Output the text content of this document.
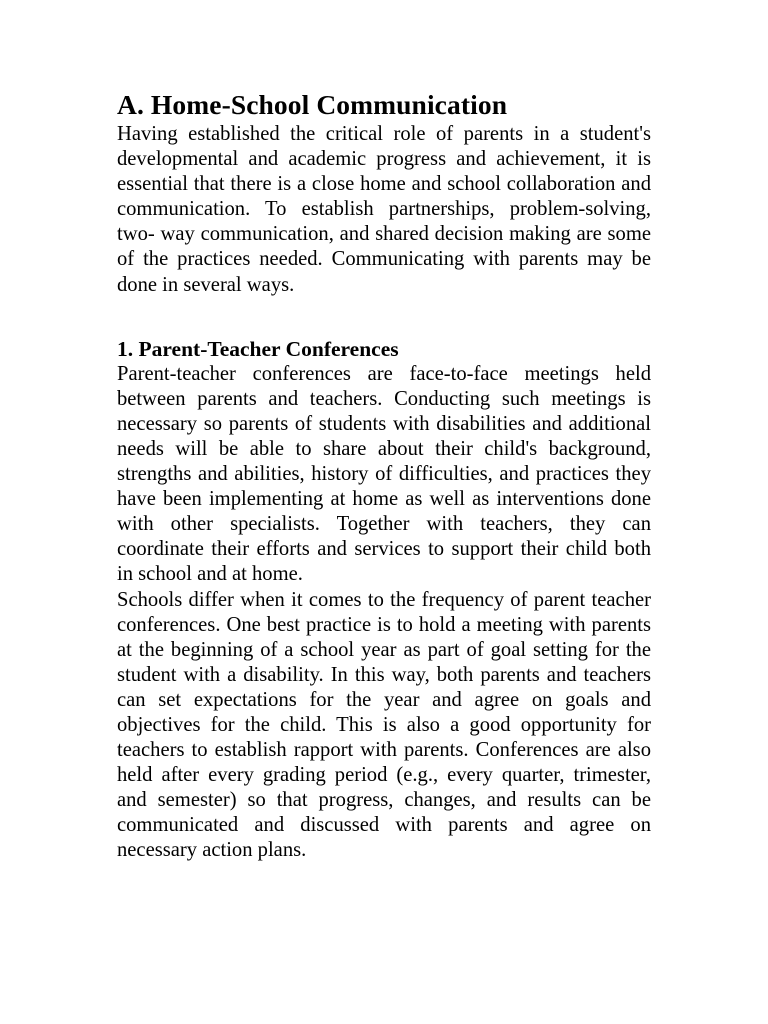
A. Home-School Communication

Having established the critical role of parents in a student's developmental and academic progress and achievement, it is essential that there is a close home and school collaboration and communication. To establish partnerships, problem-solving, two- way communication, and shared decision making are some of the practices needed. Communicating with parents may be done in several ways.

1. Parent-Teacher Conferences

Parent-teacher conferences are face-to-face meetings held between parents and teachers. Conducting such meetings is necessary so parents of students with disabilities and additional needs will be able to share about their child's background, strengths and abilities, history of difficulties, and practices they have been implementing at home as well as interventions done with other specialists. Together with teachers, they can coordinate their efforts and services to support their child both in school and at home.

Schools differ when it comes to the frequency of parent teacher conferences. One best practice is to hold a meeting with parents at the beginning of a school year as part of goal setting for the student with a disability. In this way, both parents and teachers can set expectations for the year and agree on goals and objectives for the child. This is also a good opportunity for teachers to establish rapport with parents. Conferences are also held after every grading period (e.g., every quarter, trimester, and semester) so that progress, changes, and results can be communicated and discussed with parents and agree on necessary action plans.
